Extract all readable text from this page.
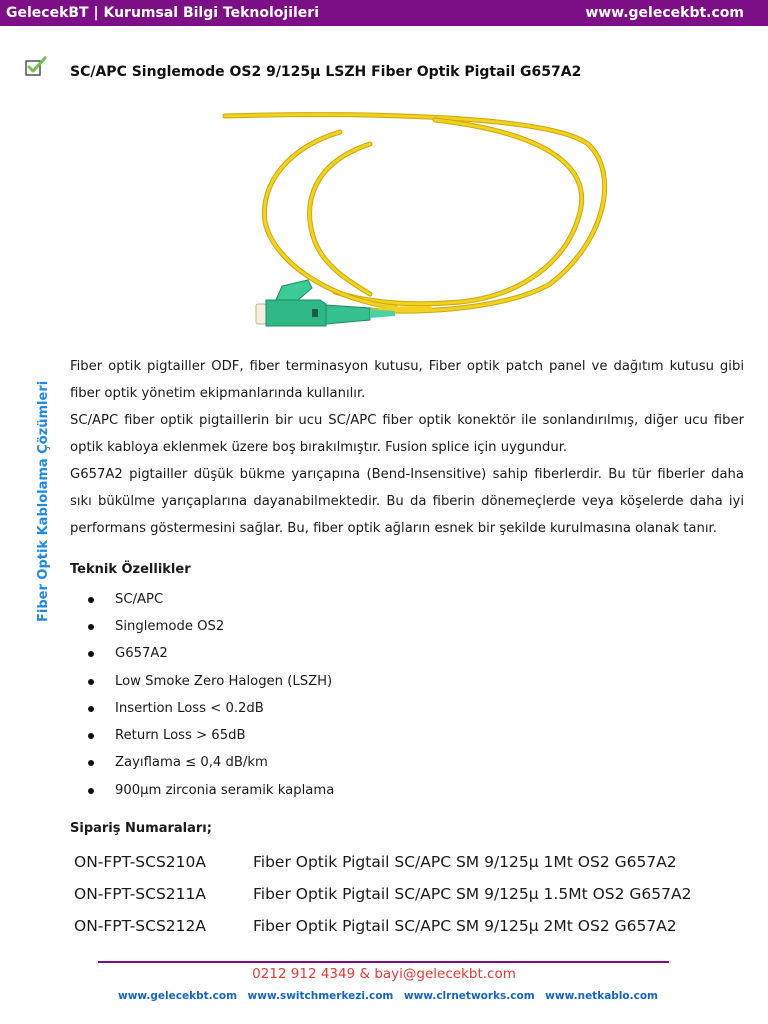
GelecekBT | Kurumsal Bilgi Teknolojileri	www.gelecekbt.com
SC/APC Singlemode OS2 9/125μ LSZH Fiber Optik Pigtail G657A2
Fiber Optik Kablolama Çözümleri

Fiber optik pigtailler ODF, fiber terminasyon kutusu, Fiber optik patch panel ve dağıtım kutusu gibi fiber optik yönetim ekipmanlarında kullanılır.

SC/APC fiber optik pigtaillerin bir ucu SC/APC fiber optik konektör ile sonlandırılmış, diğer ucu fiber optik kabloya eklenmek üzere boş bırakılmıştır. Fusion splice için uygundur.

G657A2 pigtailler düşük bükme yarıçapına (Bend-Insensitive) sahip fiberlerdir. Bu tür fiberler daha sıkı bükülme yarıçaplarına dayanabilmektedir. Bu da fiberin dönemeçlerde veya köşelerde daha iyi performans göstermesini sağlar. Bu, fiber optik ağların esnek bir şekilde kurulmasına olanak tanır.

Teknik Özellikler
SC/APC
Singlemode OS2
G657A2
Low Smoke Zero Halogen (LSZH)
Insertion Loss < 0.2dB
Return Loss > 65dB
Zayıflama ≤ 0,4 dB/km
900μm zirconia seramik kaplama
Sipariş Numaraları;
ON-FPT-SCS210A	Fiber Optik Pigtail SC/APC SM 9/125μ 1Mt OS2 G657A2
ON-FPT-SCS211A	Fiber Optik Pigtail SC/APC SM 9/125μ 1.5Mt OS2 G657A2
ON-FPT-SCS212A	Fiber Optik Pigtail SC/APC SM 9/125μ 2Mt OS2 G657A2
0212 912 4349 & bayi@gelecekbt.com
www.gelecekbt.com www.switchmerkezi.com www.clrnetworks.com www.netkablo.com
